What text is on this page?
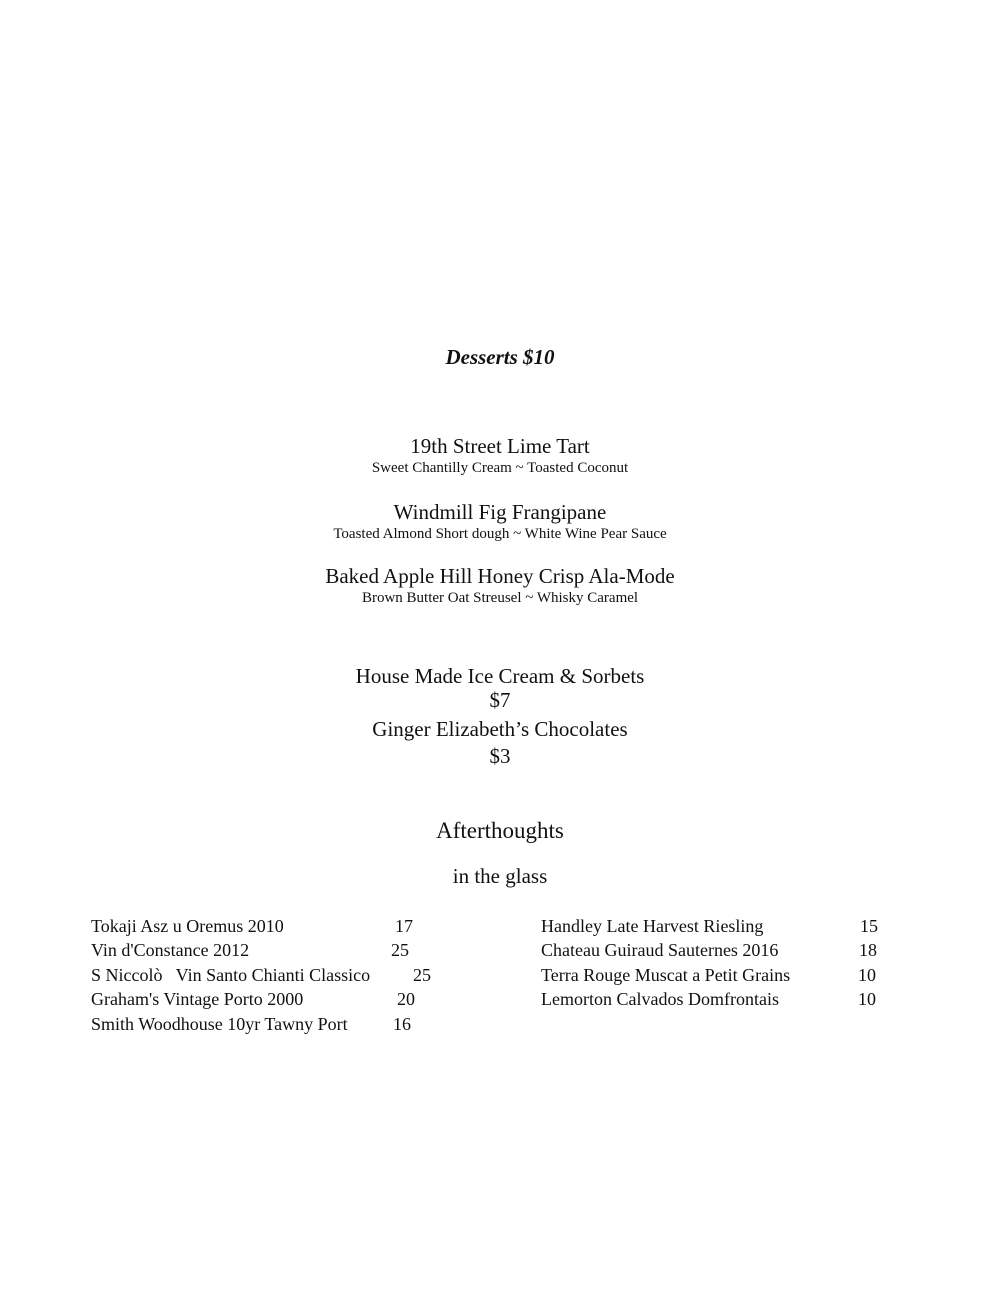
Desserts $10
19th Street Lime Tart
Sweet Chantilly Cream ~ Toasted Coconut
Windmill Fig Frangipane
Toasted Almond Short dough ~ White Wine Pear Sauce
Baked Apple Hill Honey Crisp Ala-Mode
Brown Butter Oat Streusel ~ Whisky Caramel
House Made Ice Cream & Sorbets
$7
Ginger Elizabeth’s Chocolates
$3
Afterthoughts
in the glass
Tokaji Asz u Oremus 2010	17
Vin d'Constance 2012	25
S Niccolò   Vin Santo Chianti Classico 25
Graham's Vintage Porto 2000	20
Smith Woodhouse 10yr Tawny Port	16
Handley Late Harvest Riesling	15
Chateau Guiraud Sauternes 2016	18
Terra Rouge Muscat a Petit Grains	10
Lemorton Calvados Domfrontais	10
